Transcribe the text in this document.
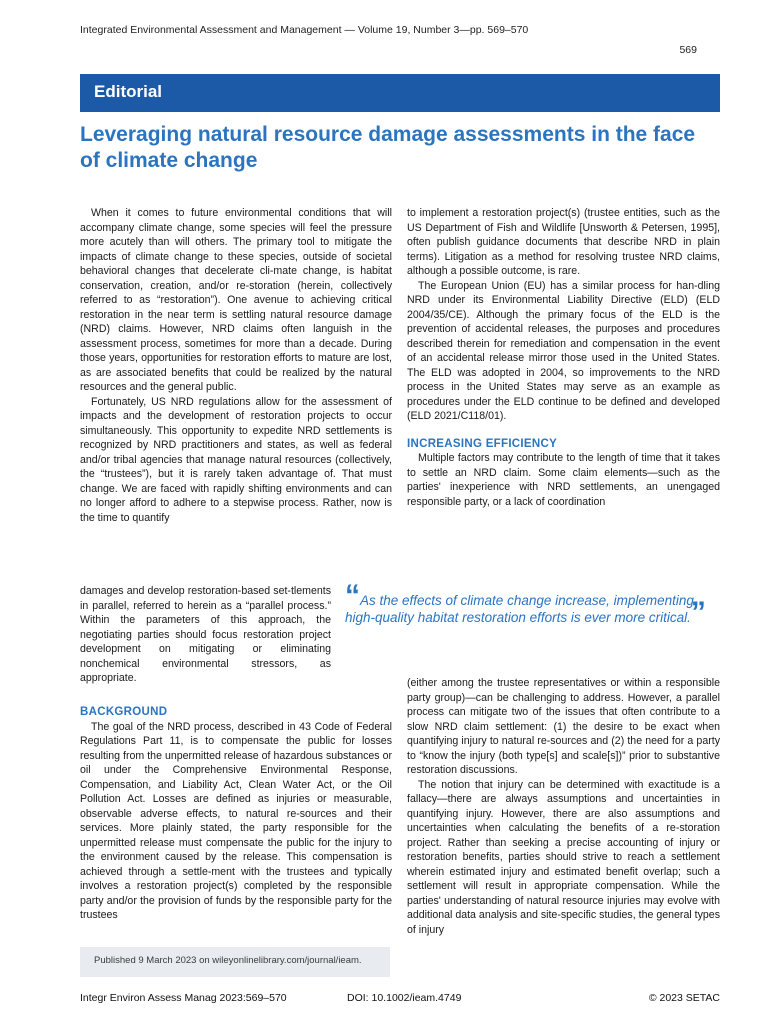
Integrated Environmental Assessment and Management — Volume 19, Number 3—pp. 569–570
569
Editorial
Leveraging natural resource damage assessments in the face of climate change

When it comes to future environmental conditions that will accompany climate change, some species will feel the pressure more acutely than will others. The primary tool to mitigate the impacts of climate change to these species, outside of societal behavioral changes that decelerate cli-mate change, is habitat conservation, creation, and/or re-storation (herein, collectively referred to as “restoration”). One avenue to achieving critical restoration in the near term is settling natural resource damage (NRD) claims. However, NRD claims often languish in the assessment process, sometimes for more than a decade. During those years, opportunities for restoration efforts to mature are lost, as are associated benefits that could be realized by the natural resources and the general public.

Fortunately, US NRD regulations allow for the assessment of impacts and the development of restoration projects to occur simultaneously. This opportunity to expedite NRD settlements is recognized by NRD practitioners and states, as well as federal and/or tribal agencies that manage natural resources (collectively, the “trustees”), but it is rarely taken advantage of. That must change. We are faced with rapidly shifting environments and can no longer afford to adhere to a stepwise process. Rather, now is the time to quantify

damages and develop restoration-based set-tlements in parallel, referred to herein as a “parallel process.” Within the parameters of this approach, the negotiating parties should focus restoration project development on mitigating or eliminating nonchemical environmental stressors, as appropriate.

“As the effects of climate change increase, implementing high-quality habitat restoration efforts is ever more critical.”
BACKGROUND

The goal of the NRD process, described in 43 Code of Federal Regulations Part 11, is to compensate the public for losses resulting from the unpermitted release of hazardous substances or oil under the Comprehensive Environmental Response, Compensation, and Liability Act, Clean Water Act, or the Oil Pollution Act. Losses are defined as injuries or measurable, observable adverse effects, to natural re-sources and their services. More plainly stated, the party responsible for the unpermitted release must compensate the public for the injury to the environment caused by the release. This compensation is achieved through a settle-ment with the trustees and typically involves a restoration project(s) completed by the responsible party and/or the provision of funds by the responsible party for the trustees

to implement a restoration project(s) (trustee entities, such as the US Department of Fish and Wildlife [Unsworth & Petersen, 1995], often publish guidance documents that describe NRD in plain terms). Litigation as a method for resolving trustee NRD claims, although a possible outcome, is rare.

The European Union (EU) has a similar process for han-dling NRD under its Environmental Liability Directive (ELD) (ELD 2004/35/CE). Although the primary focus of the ELD is the prevention of accidental releases, the purposes and procedures described therein for remediation and compensation in the event of an accidental release mirror those used in the United States. The ELD was adopted in 2004, so improvements to the NRD process in the United States may serve as an example as procedures under the ELD continue to be defined and developed (ELD 2021/C118/01).

INCREASING EFFICIENCY

Multiple factors may contribute to the length of time that it takes to settle an NRD claim. Some claim elements—such as the parties' inexperience with NRD settlements, an unengaged responsible party, or a lack of coordination

(either among the trustee representatives or within a responsible party group)—can be challenging to address. However, a parallel process can mitigate two of the issues that often contribute to a slow NRD claim settlement: (1) the desire to be exact when quantifying injury to natural re-sources and (2) the need for a party to “know the injury (both type[s] and scale[s])” prior to substantive restoration discussions.

The notion that injury can be determined with exactitude is a fallacy—there are always assumptions and uncertainties in quantifying injury. However, there are also assumptions and uncertainties when calculating the benefits of a re-storation project. Rather than seeking a precise accounting of injury or restoration benefits, parties should strive to reach a settlement wherein estimated injury and estimated benefit overlap; such a settlement will result in appropriate compensation. While the parties' understanding of natural resource injuries may evolve with additional data analysis and site-specific studies, the general types of injury

Published 9 March 2023 on wileyonlinelibrary.com/journal/ieam.
Integr Environ Assess Manag 2023:569–570	DOI: 10.1002/ieam.4749	© 2023 SETAC
